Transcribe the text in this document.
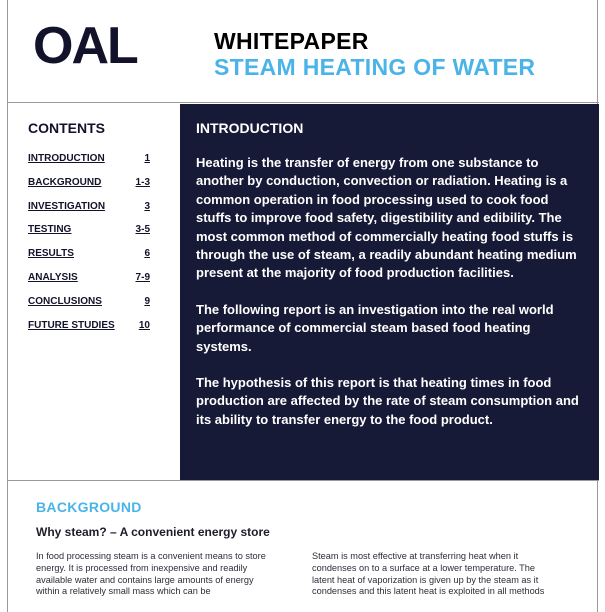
OAL	WHITEPAPER
STEAM HEATING OF WATER
CONTENTS
INTRODUCTION	1
BACKGROUND	1-3
INVESTIGATION	3
TESTING	3-5
RESULTS	6
ANALYSIS	7-9
CONCLUSIONS	9
FUTURE STUDIES 10
INTRODUCTION

Heating is the transfer of energy from one substance to another by conduction, convection or radiation. Heating is a common operation in food processing used to cook food stuffs to improve food safety, digestibility and edibility. The most common method of commercially heating food stuffs is through the use of steam, a readily abundant heating medium present at the majority of food production facilities.

The following report is an investigation into the real world performance of commercial steam based food heating systems.

The hypothesis of this report is that heating times in food production are affected by the rate of steam consumption and its ability to transfer energy to the food product.

BACKGROUND
Why steam? – A convenient energy store
In food processing steam is a convenient means to store energy. It is processed from inexpensive and readily available water and contains large amounts of energy within a relatively small mass which can be
Steam is most effective at transferring heat when it condenses on to a surface at a lower temperature. The latent heat of vaporization is given up by the steam as it condenses and this latent heat is exploited in all methods
